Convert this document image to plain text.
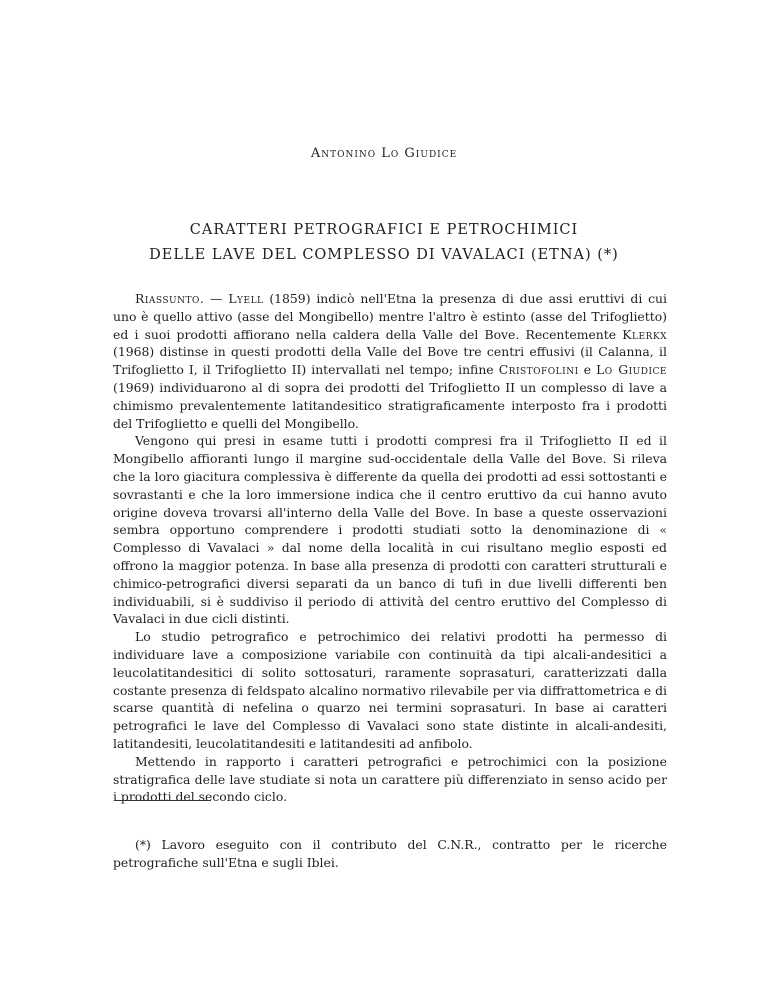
Antonino Lo Giudice
CARATTERI PETROGRAFICI E PETROCHIMICI
DELLE LAVE DEL COMPLESSO DI VAVALACI (ETNA) (*)

Riassunto. — Lyell (1859) indicò nell'Etna la presenza di due assi eruttivi di cui uno è quello attivo (asse del Mongibello) mentre l'altro è estinto (asse del Trifoglietto) ed i suoi prodotti affiorano nella caldera della Valle del Bove. Recentemente Klerkx (1968) distinse in questi prodotti della Valle del Bove tre centri effusivi (il Calanna, il Trifoglietto I, il Trifoglietto II) intervallati nel tempo; infine Cristofolini e Lo Giudice (1969) individuarono al di sopra dei prodotti del Trifoglietto II un complesso di lave a chimismo prevalentemente latitandesitico stratigraficamente interposto fra i prodotti del Trifoglietto e quelli del Mongibello.

Vengono qui presi in esame tutti i prodotti compresi fra il Trifoglietto II ed il Mongibello affioranti lungo il margine sud-occidentale della Valle del Bove. Si rileva che la loro giacitura complessiva è differente da quella dei prodotti ad essi sottostanti e sovrastanti e che la loro immersione indica che il centro eruttivo da cui hanno avuto origine doveva trovarsi all'interno della Valle del Bove. In base a queste osservazioni sembra opportuno comprendere i prodotti studiati sotto la denominazione di « Complesso di Vavalaci » dal nome della località in cui risultano meglio esposti ed offrono la maggior potenza. In base alla presenza di prodotti con caratteri strutturali e chimico-petrografici diversi separati da un banco di tufi in due livelli differenti ben individuabili, si è suddiviso il periodo di attività del centro eruttivo del Complesso di Vavalaci in due cicli distinti.

Lo studio petrografico e petrochimico dei relativi prodotti ha permesso di individuare lave a composizione variabile con continuità da tipi alcali-andesitici a leucolatitandesitici di solito sottosaturi, raramente soprasaturi, caratterizzati dalla costante presenza di feldspato alcalino normativo rilevabile per via diffrattometrica e di scarse quantità di nefelina o quarzo nei termini soprasaturi. In base ai caratteri petrografici le lave del Complesso di Vavalaci sono state distinte in alcali-andesiti, latitandesiti, leucolatitandesiti e latitandesiti ad anfibolo.

Mettendo in rapporto i caratteri petrografici e petrochimici con la posizione stratigrafica delle lave studiate si nota un carattere più differenziato in senso acido per i prodotti del secondo ciclo.

(*) Lavoro eseguito con il contributo del C.N.R., contratto per le ricerche petrografiche sull'Etna e sugli Iblei.
